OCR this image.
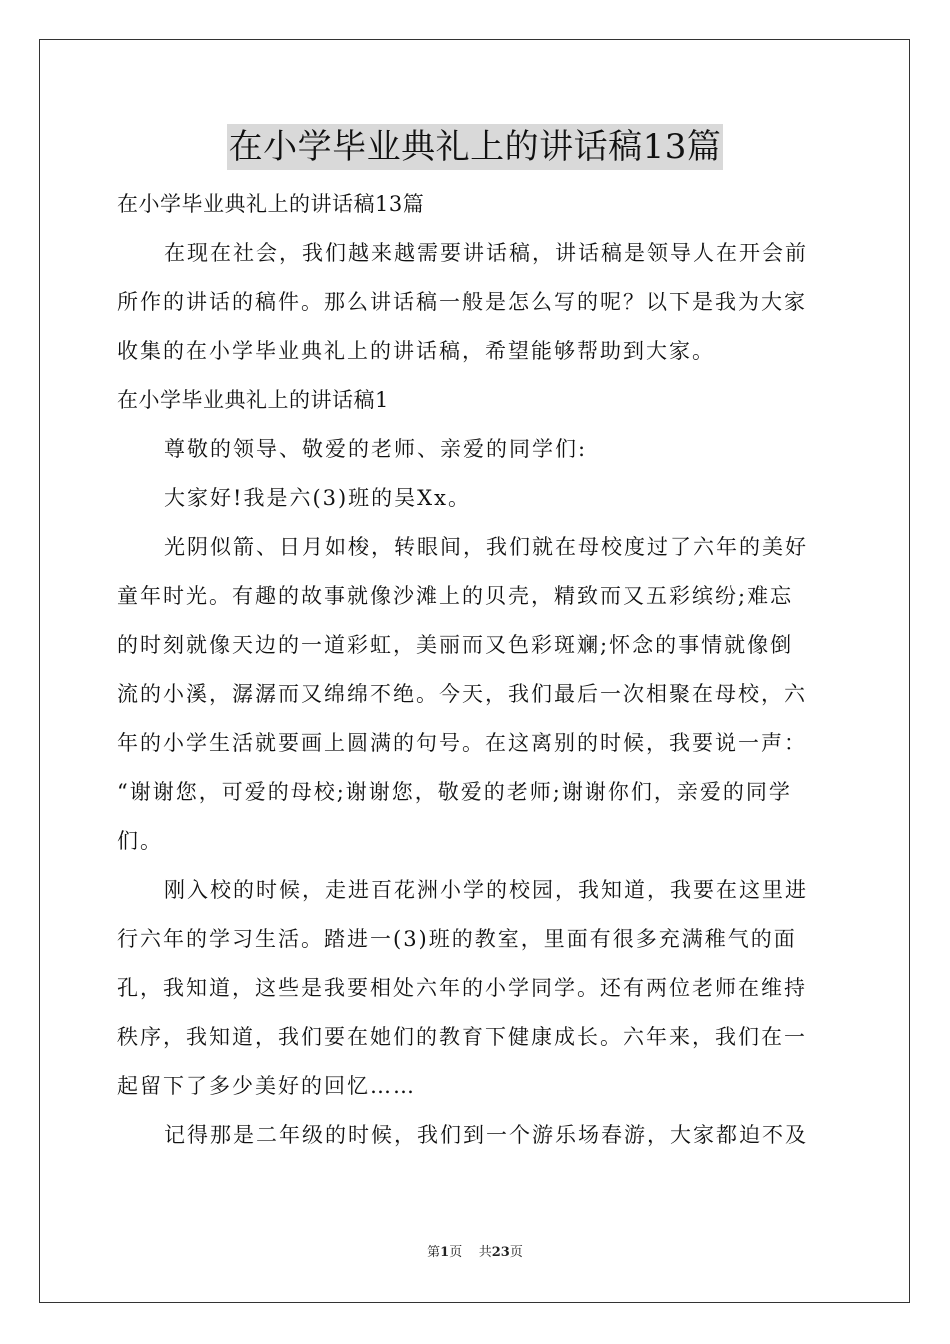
在小学毕业典礼上的讲话稿13篇
在小学毕业典礼上的讲话稿13篇
在现在社会，我们越来越需要讲话稿，讲话稿是领导人在开会前
所作的讲话的稿件。那么讲话稿一般是怎么写的呢？以下是我为大家
收集的在小学毕业典礼上的讲话稿，希望能够帮助到大家。
在小学毕业典礼上的讲话稿1
尊敬的领导、敬爱的老师、亲爱的同学们:
大家好!我是六(3)班的吴Xx。
光阴似箭、日月如梭，转眼间，我们就在母校度过了六年的美好
童年时光。有趣的故事就像沙滩上的贝壳，精致而又五彩缤纷;难忘
的时刻就像天边的一道彩虹，美丽而又色彩斑斓;怀念的事情就像倒
流的小溪，潺潺而又绵绵不绝。今天，我们最后一次相聚在母校，六
年的小学生活就要画上圆满的句号。在这离别的时候，我要说一声：
“谢谢您，可爱的母校;谢谢您，敬爱的老师;谢谢你们，亲爱的同学
们。
刚入校的时候，走进百花洲小学的校园，我知道，我要在这里进
行六年的学习生活。踏进一(3)班的教室，里面有很多充满稚气的面
孔，我知道，这些是我要相处六年的小学同学。还有两位老师在维持
秩序，我知道，我们要在她们的教育下健康成长。六年来，我们在一
起留下了多少美好的回忆……
记得那是二年级的时候，我们到一个游乐场春游，大家都迫不及
第1页 共23页
